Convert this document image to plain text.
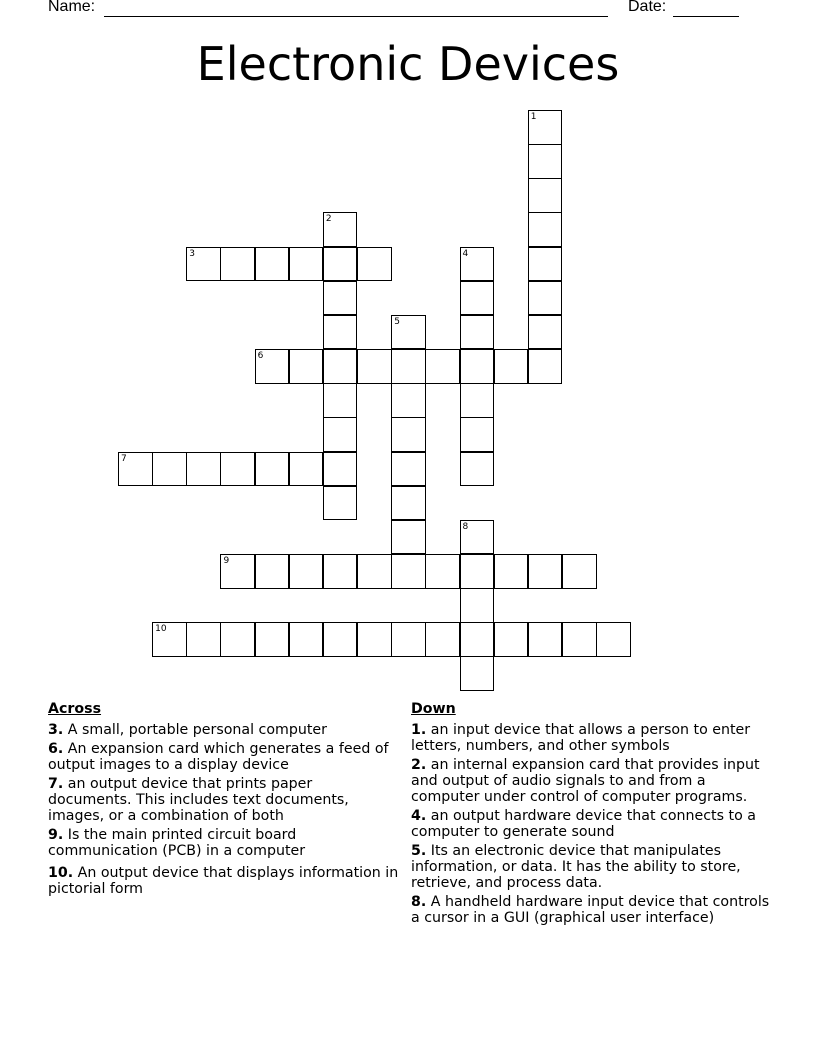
Name:	Date:
Electronic Devices
1
2
3	4
5
6
7
8
9
10
Across
3. A small, portable personal computer
6. An expansion card which generates a feed of output images to a display device
7. an output device that prints paper documents. This includes text documents, images, or a combination of both
9. Is the main printed circuit board communication (PCB) in a computer
10. An output device that displays information in pictorial form
Down
1. an input device that allows a person to enter letters, numbers, and other symbols
2. an internal expansion card that provides input and output of audio signals to and from a computer under control of computer programs.
4. an output hardware device that connects to a computer to generate sound
5. Its an electronic device that manipulates information, or data. It has the ability to store, retrieve, and process data.
8. A handheld hardware input device that controls a cursor in a GUI (graphical user interface)
